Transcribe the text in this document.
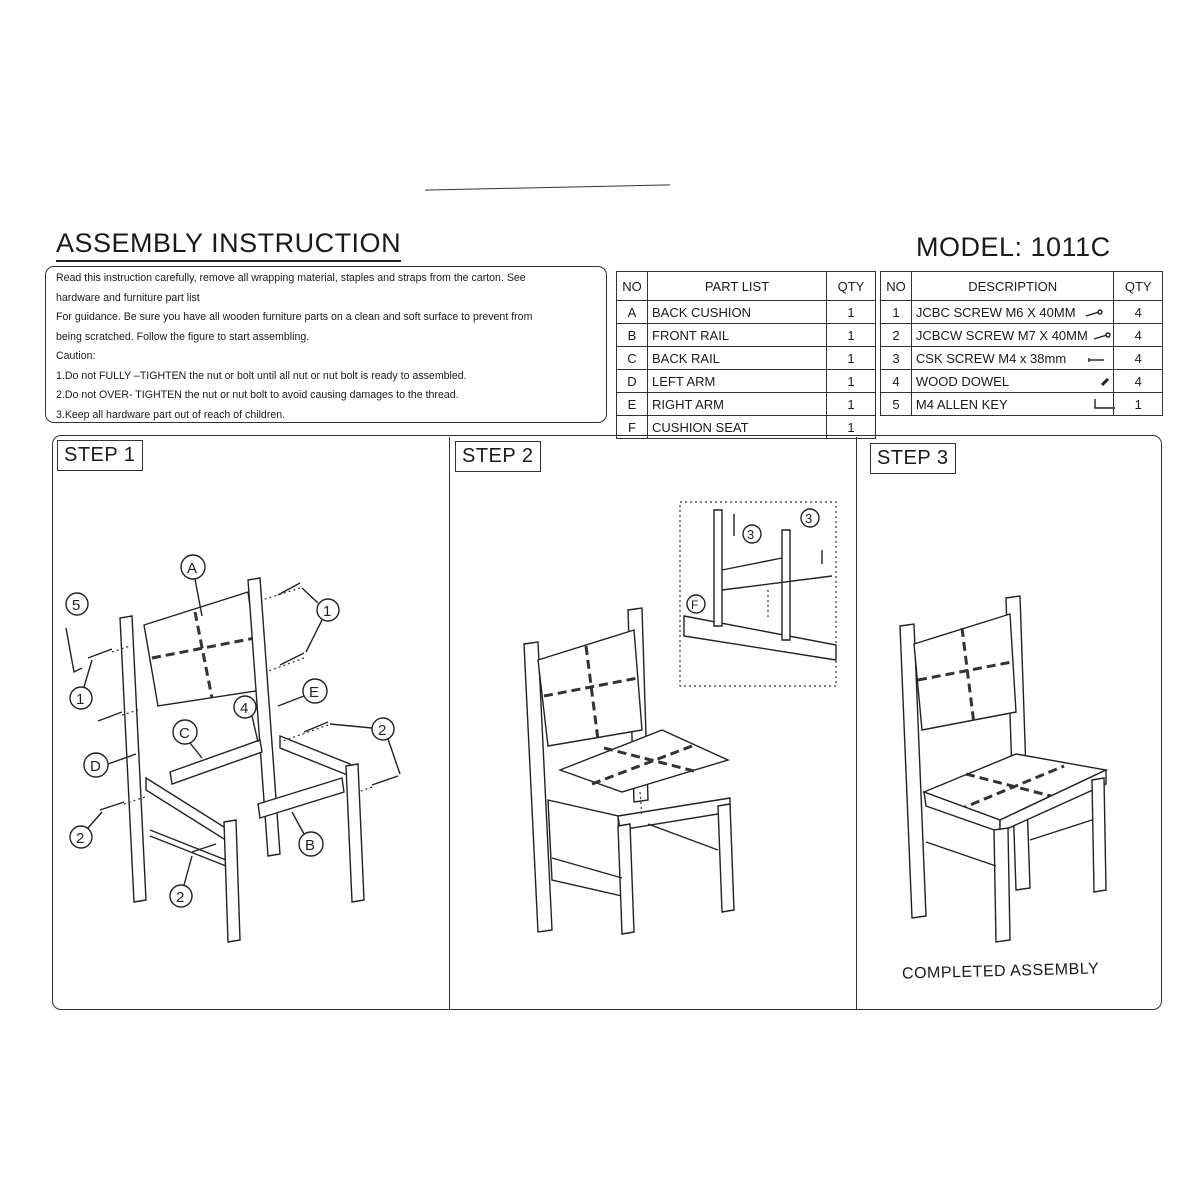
ASSEMBLY INSTRUCTION	MODEL: 1011C

Read this instruction carefully, remove all wrapping material, staples and straps from the carton. See

hardware and furniture part list

For guidance. Be sure you have all wooden furniture parts on a clean and soft surface to prevent from

being scratched. Follow the figure to start assembling.

Caution:

1.Do not FULLY –TIGHTEN the nut or bolt until all nut or nut bolt is ready to assembled.

2.Do not OVER- TIGHTEN the nut or nut bolt to avoid causing damages to the thread.

3.Keep all hardware part out of reach of children.

NO	PART LIST	QTY
A	BACK CUSHION	1
B	FRONT RAIL	1
C	BACK RAIL	1
D	LEFT ARM	1
E	RIGHT ARM	1
F	CUSHION SEAT	1
NO	DESCRIPTION	QTY
1	JCBC SCREW M6 X 40MM	4
2	JCBCW SCREW M7 X 40MM	4
3	CSK SCREW M4 x 38mm	4
4	WOOD DOWEL	4
5	M4 ALLEN KEY	1
STEP 1	STEP 2	STEP 3
A
1
5
1	E
4
C	2
D
2	B
2
3
3
F
COMPLETED ASSEMBLY
